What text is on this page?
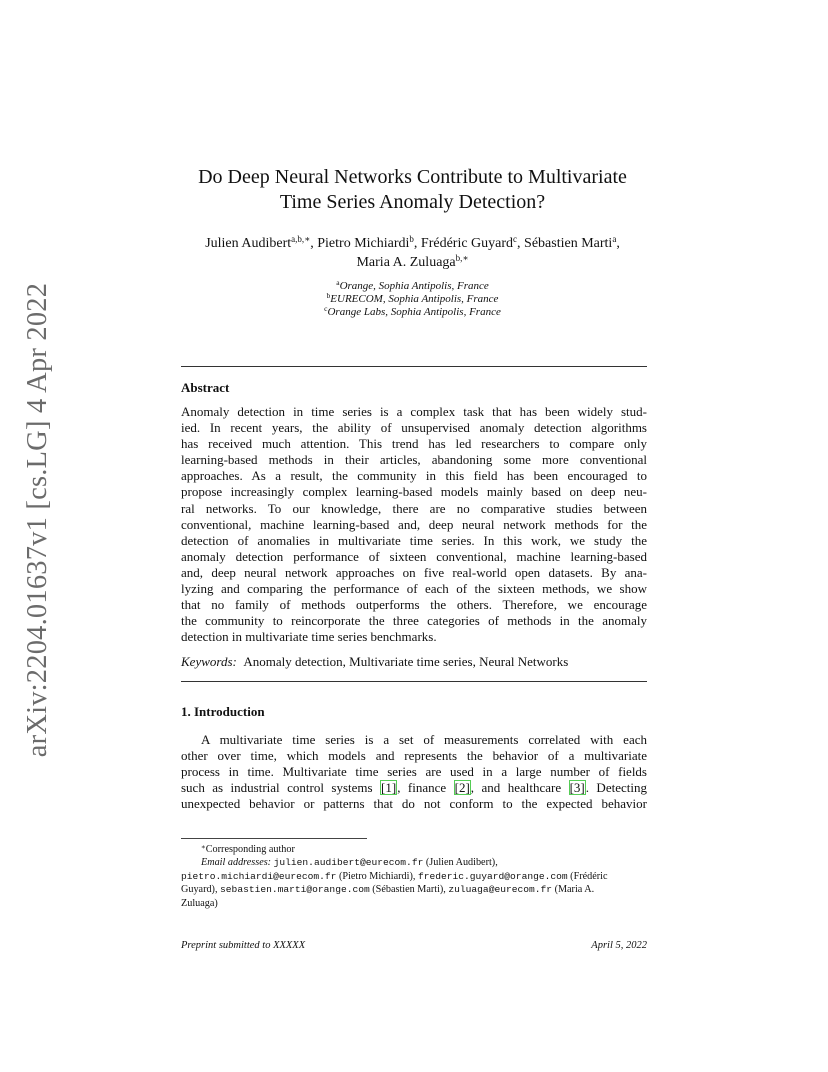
arXiv:2204.01637v1 [cs.LG] 4 Apr 2022
Do Deep Neural Networks Contribute to Multivariate
Time Series Anomaly Detection?
Julien Audibert$^{a,b,∗}$, Pietro Michiardi$^b$, Frédéric Guyard$^c$, Sébastien Marti$^a$,
Maria A. Zuluaga$^{b,∗}$
$^a$Orange, Sophia Antipolis, France
$^b$EURECOM, Sophia Antipolis, France
$^c$Orange Labs, Sophia Antipolis, France
Abstract
Anomaly detection in time series is a complex task that has been widely stud-
ied. In recent years, the ability of unsupervised anomaly detection algorithms
has received much attention. This trend has led researchers to compare only
learning-based methods in their articles, abandoning some more conventional
approaches. As a result, the community in this field has been encouraged to
propose increasingly complex learning-based models mainly based on deep neu-
ral networks. To our knowledge, there are no comparative studies between
conventional, machine learning-based and, deep neural network methods for the
detection of anomalies in multivariate time series. In this work, we study the
anomaly detection performance of sixteen conventional, machine learning-based
and, deep neural network approaches on five real-world open datasets. By ana-
lyzing and comparing the performance of each of the sixteen methods, we show
that no family of methods outperforms the others. Therefore, we encourage
the community to reincorporate the three categories of methods in the anomaly
detection in multivariate time series benchmarks.
Keywords: Anomaly detection, Multivariate time series, Neural Networks
1. Introduction
A multivariate time series is a set of measurements correlated with each
other over time, which models and represents the behavior of a multivariate
process in time. Multivariate time series are used in a large number of fields
such as industrial control systems [1], finance [2], and healthcare [3]. Detecting
unexpected behavior or patterns that do not conform to the expected behavior
∗Corresponding author
Email addresses: julien.audibert@eurecom.fr (Julien Audibert),
pietro.michiardi@eurecom.fr (Pietro Michiardi), frederic.guyard@orange.com (Frédéric
Guyard), sebastien.marti@orange.com (Sébastien Marti), zuluaga@eurecom.fr (Maria A.
Zuluaga)
Preprint submitted to XXXXX	April 5, 2022
